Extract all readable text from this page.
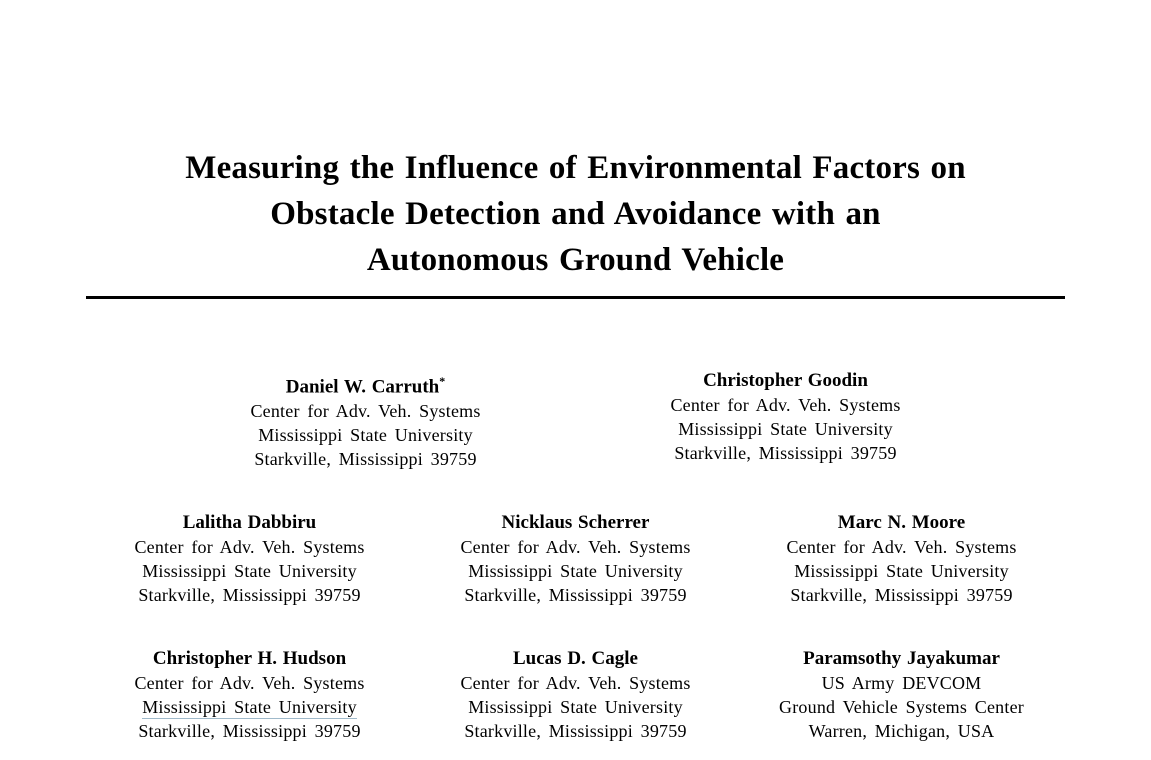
Measuring the Influence of Environmental Factors on
Obstacle Detection and Avoidance with an
Autonomous Ground Vehicle
Daniel W. Carruth*
Center for Adv. Veh. Systems
Mississippi State University
Starkville, Mississippi 39759
Christopher Goodin
Center for Adv. Veh. Systems
Mississippi State University
Starkville, Mississippi 39759
Lalitha Dabbiru
Center for Adv. Veh. Systems
Mississippi State University
Starkville, Mississippi 39759
Nicklaus Scherrer
Center for Adv. Veh. Systems
Mississippi State University
Starkville, Mississippi 39759
Marc N. Moore
Center for Adv. Veh. Systems
Mississippi State University
Starkville, Mississippi 39759
Christopher H. Hudson
Center for Adv. Veh. Systems
Mississippi State University
Starkville, Mississippi 39759
Lucas D. Cagle
Center for Adv. Veh. Systems
Mississippi State University
Starkville, Mississippi 39759
Paramsothy Jayakumar
US Army DEVCOM
Ground Vehicle Systems Center
Warren, Michigan, USA
